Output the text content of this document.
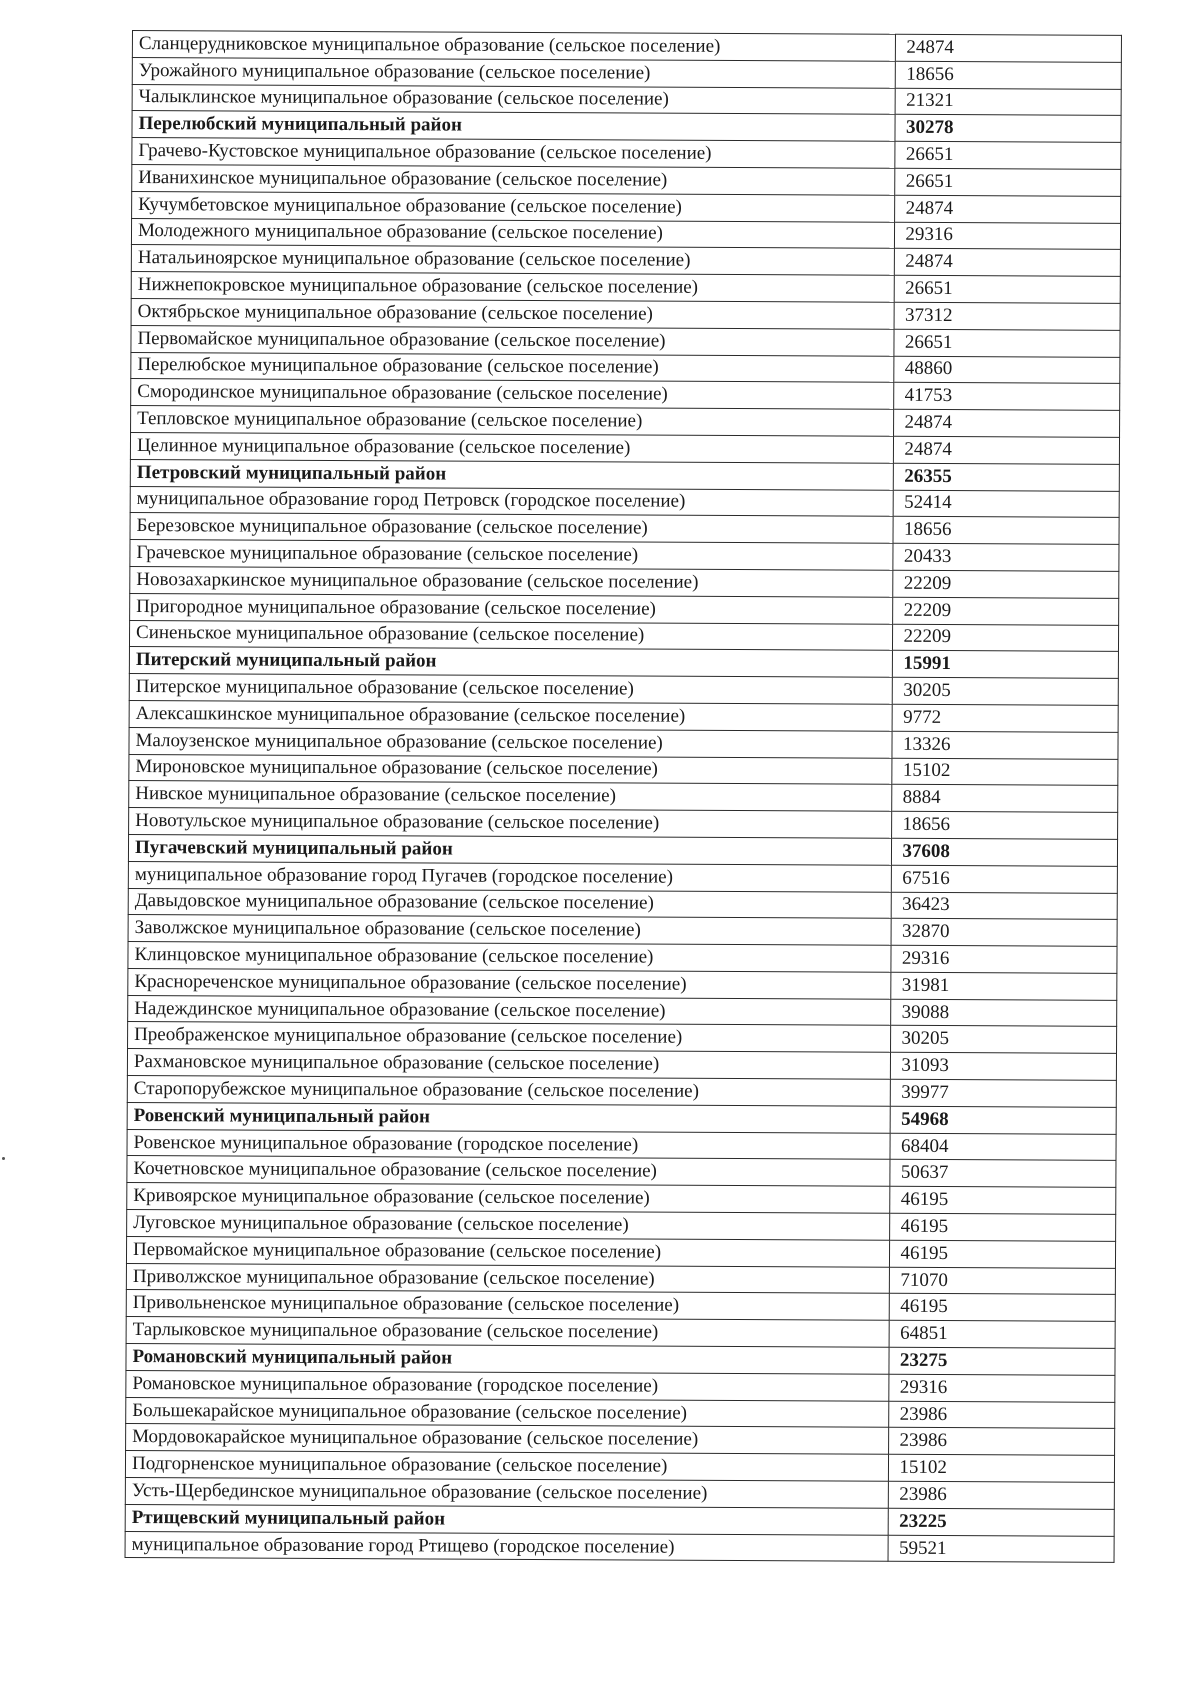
Сланцерудниковское муниципальное образование (сельское поселение)	24874
Урожайного муниципальное образование (сельское поселение)	18656
Чалыклинское муниципальное образование (сельское поселение)	21321
Перелюбский муниципальный район	30278
Грачево-Кустовское муниципальное образование (сельское поселение)	26651
Иванихинское муниципальное образование (сельское поселение)	26651
Кучумбетовское муниципальное образование (сельское поселение)	24874
Молодежного муниципальное образование (сельское поселение)	29316
Натальиноярское муниципальное образование (сельское поселение)	24874
Нижнепокровское муниципальное образование (сельское поселение)	26651
Октябрьское муниципальное образование (сельское поселение)	37312
Первомайское муниципальное образование (сельское поселение)	26651
Перелюбское муниципальное образование (сельское поселение)	48860
Смородинское муниципальное образование (сельское поселение)	41753
Тепловское муниципальное образование (сельское поселение)	24874
Целинное муниципальное образование (сельское поселение)	24874
Петровский муниципальный район	26355
муниципальное образование город Петровск (городское поселение)	52414
Березовское муниципальное образование (сельское поселение)	18656
Грачевское муниципальное образование (сельское поселение)	20433
Новозахаркинское муниципальное образование (сельское поселение)	22209
Пригородное муниципальное образование (сельское поселение)	22209
Синеньское муниципальное образование (сельское поселение)	22209
Питерский муниципальный район	15991
Питерское муниципальное образование (сельское поселение)	30205
Алексашкинское муниципальное образование (сельское поселение)	9772
Малоузенское муниципальное образование (сельское поселение)	13326
Мироновское муниципальное образование (сельское поселение)	15102
Нивское муниципальное образование (сельское поселение)	8884
Новотульское муниципальное образование (сельское поселение)	18656
Пугачевский муниципальный район	37608
муниципальное образование город Пугачев (городское поселение)	67516
Давыдовское муниципальное образование (сельское поселение)	36423
Заволжское муниципальное образование (сельское поселение)	32870
Клинцовское муниципальное образование (сельское поселение)	29316
Краснореченское муниципальное образование (сельское поселение)	31981
Надеждинское муниципальное образование (сельское поселение)	39088
Преображенское муниципальное образование (сельское поселение)	30205
Рахмановское муниципальное образование (сельское поселение)	31093
Старопорубежское муниципальное образование (сельское поселение)	39977
Ровенский муниципальный район	54968
Ровенское муниципальное образование (городское поселение)	68404
Кочетновское муниципальное образование (сельское поселение)	50637
Кривоярское муниципальное образование (сельское поселение)	46195
Луговское муниципальное образование (сельское поселение)	46195
Первомайское муниципальное образование (сельское поселение)	46195
Приволжское муниципальное образование (сельское поселение)	71070
Привольненское муниципальное образование (сельское поселение)	46195
Тарлыковское муниципальное образование (сельское поселение)	64851
Романовский муниципальный район	23275
Романовское муниципальное образование (городское поселение)	29316
Большекарайское муниципальное образование (сельское поселение)	23986
Мордовокарайское муниципальное образование (сельское поселение)	23986
Подгорненское муниципальное образование (сельское поселение)	15102
Усть-Щербединское муниципальное образование (сельское поселение)	23986
Ртищевский муниципальный район	23225
муниципальное образование город Ртищево (городское поселение)	59521
